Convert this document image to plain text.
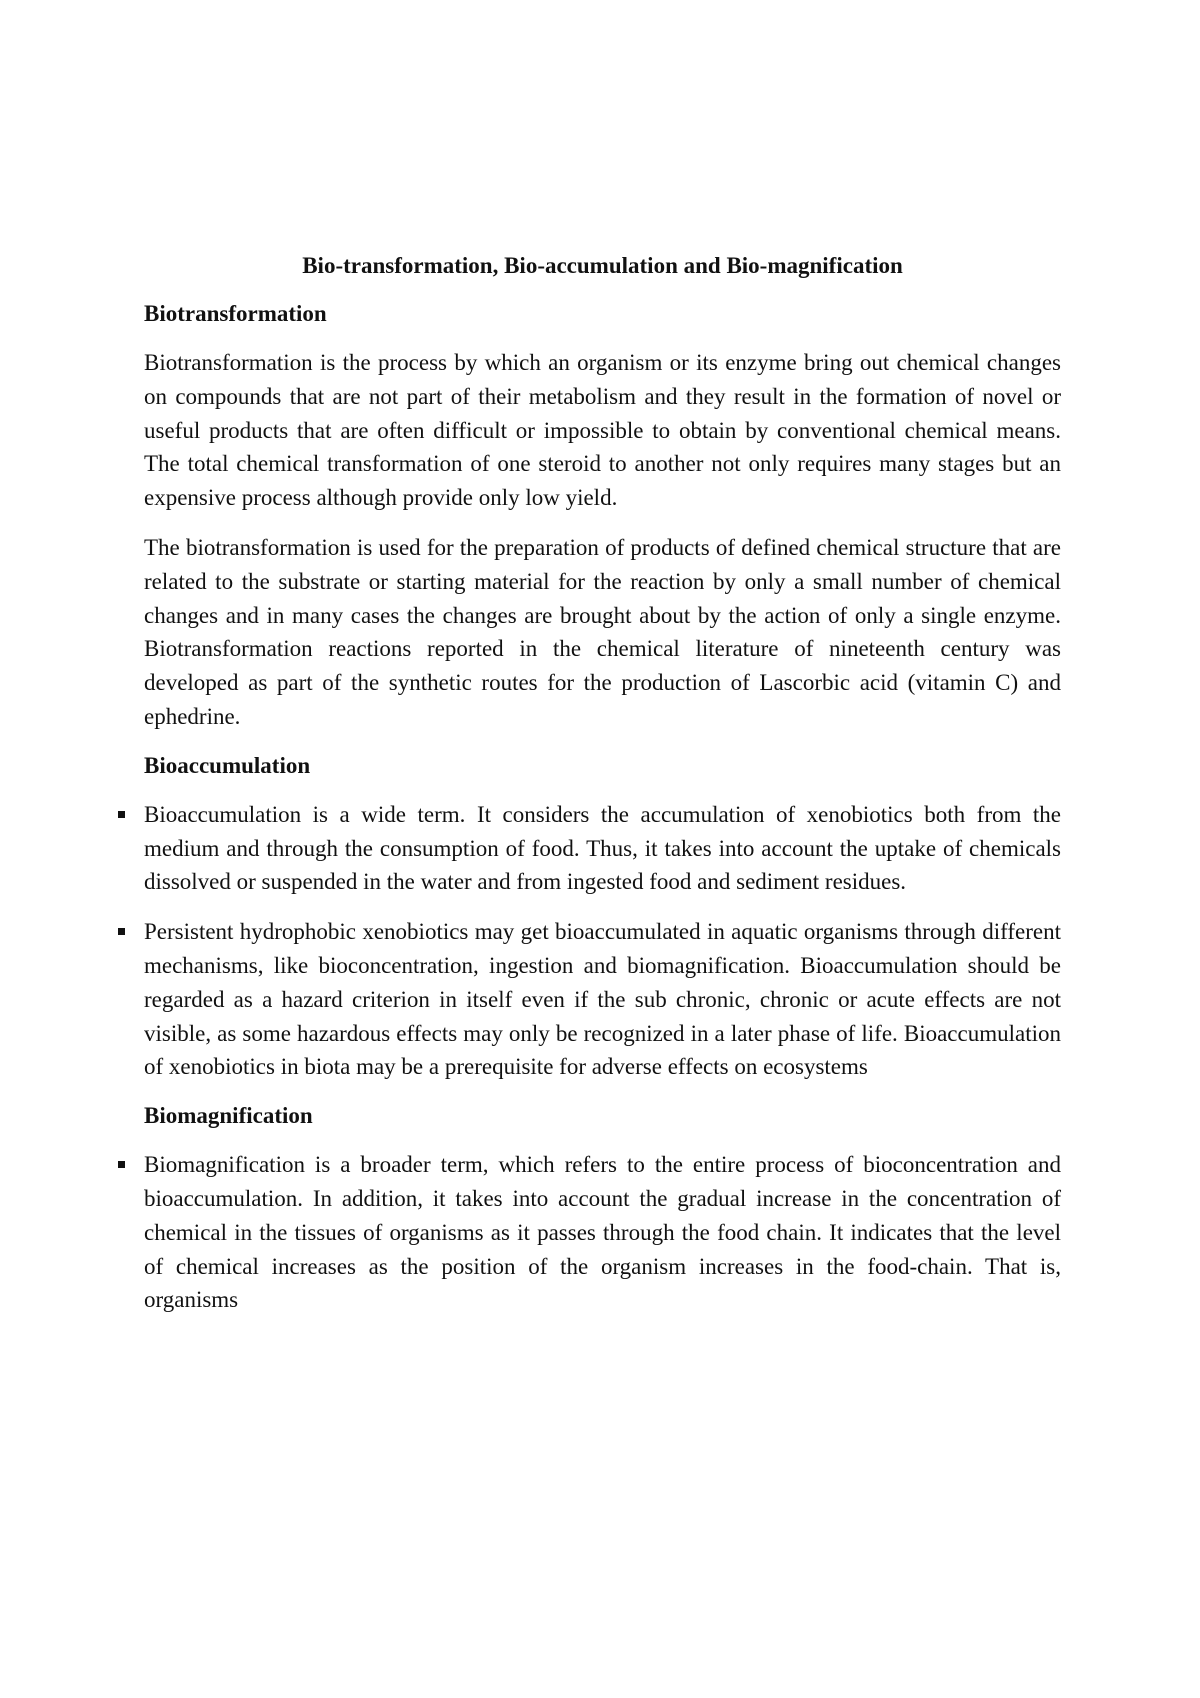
Bio-transformation, Bio-accumulation and Bio-magnification
Biotransformation

Biotransformation is the process by which an organism or its enzyme bring out chemical changes on compounds that are not part of their metabolism and they result in the formation of novel or useful products that are often difficult or impossible to obtain by conventional chemical means. The total chemical transformation of one steroid to another not only requires many stages but an expensive process although provide only low yield.

The biotransformation is used for the preparation of products of defined chemical structure that are related to the substrate or starting material for the reaction by only a small number of chemical changes and in many cases the changes are brought about by the action of only a single enzyme. Biotransformation reactions reported in the chemical literature of nineteenth century was developed as part of the synthetic routes for the production of Lascorbic acid (vitamin C) and ephedrine.

Bioaccumulation
Bioaccumulation is a wide term. It considers the accumulation of xenobiotics both from the medium and through the consumption of food. Thus, it takes into account the uptake of chemicals dissolved or suspended in the water and from ingested food and sediment residues.
Persistent hydrophobic xenobiotics may get bioaccumulated in aquatic organisms through different mechanisms, like bioconcentration, ingestion and biomagnification. Bioaccumulation should be regarded as a hazard criterion in itself even if the sub chronic, chronic or acute effects are not visible, as some hazardous effects may only be recognized in a later phase of life. Bioaccumulation of xenobiotics in biota may be a prerequisite for adverse effects on ecosystems
Biomagnification
Biomagnification is a broader term, which refers to the entire process of bioconcentration and bioaccumulation. In addition, it takes into account the gradual increase in the concentration of chemical in the tissues of organisms as it passes through the food chain. It indicates that the level of chemical increases as the position of the organism increases in the food-chain. That is, organisms
